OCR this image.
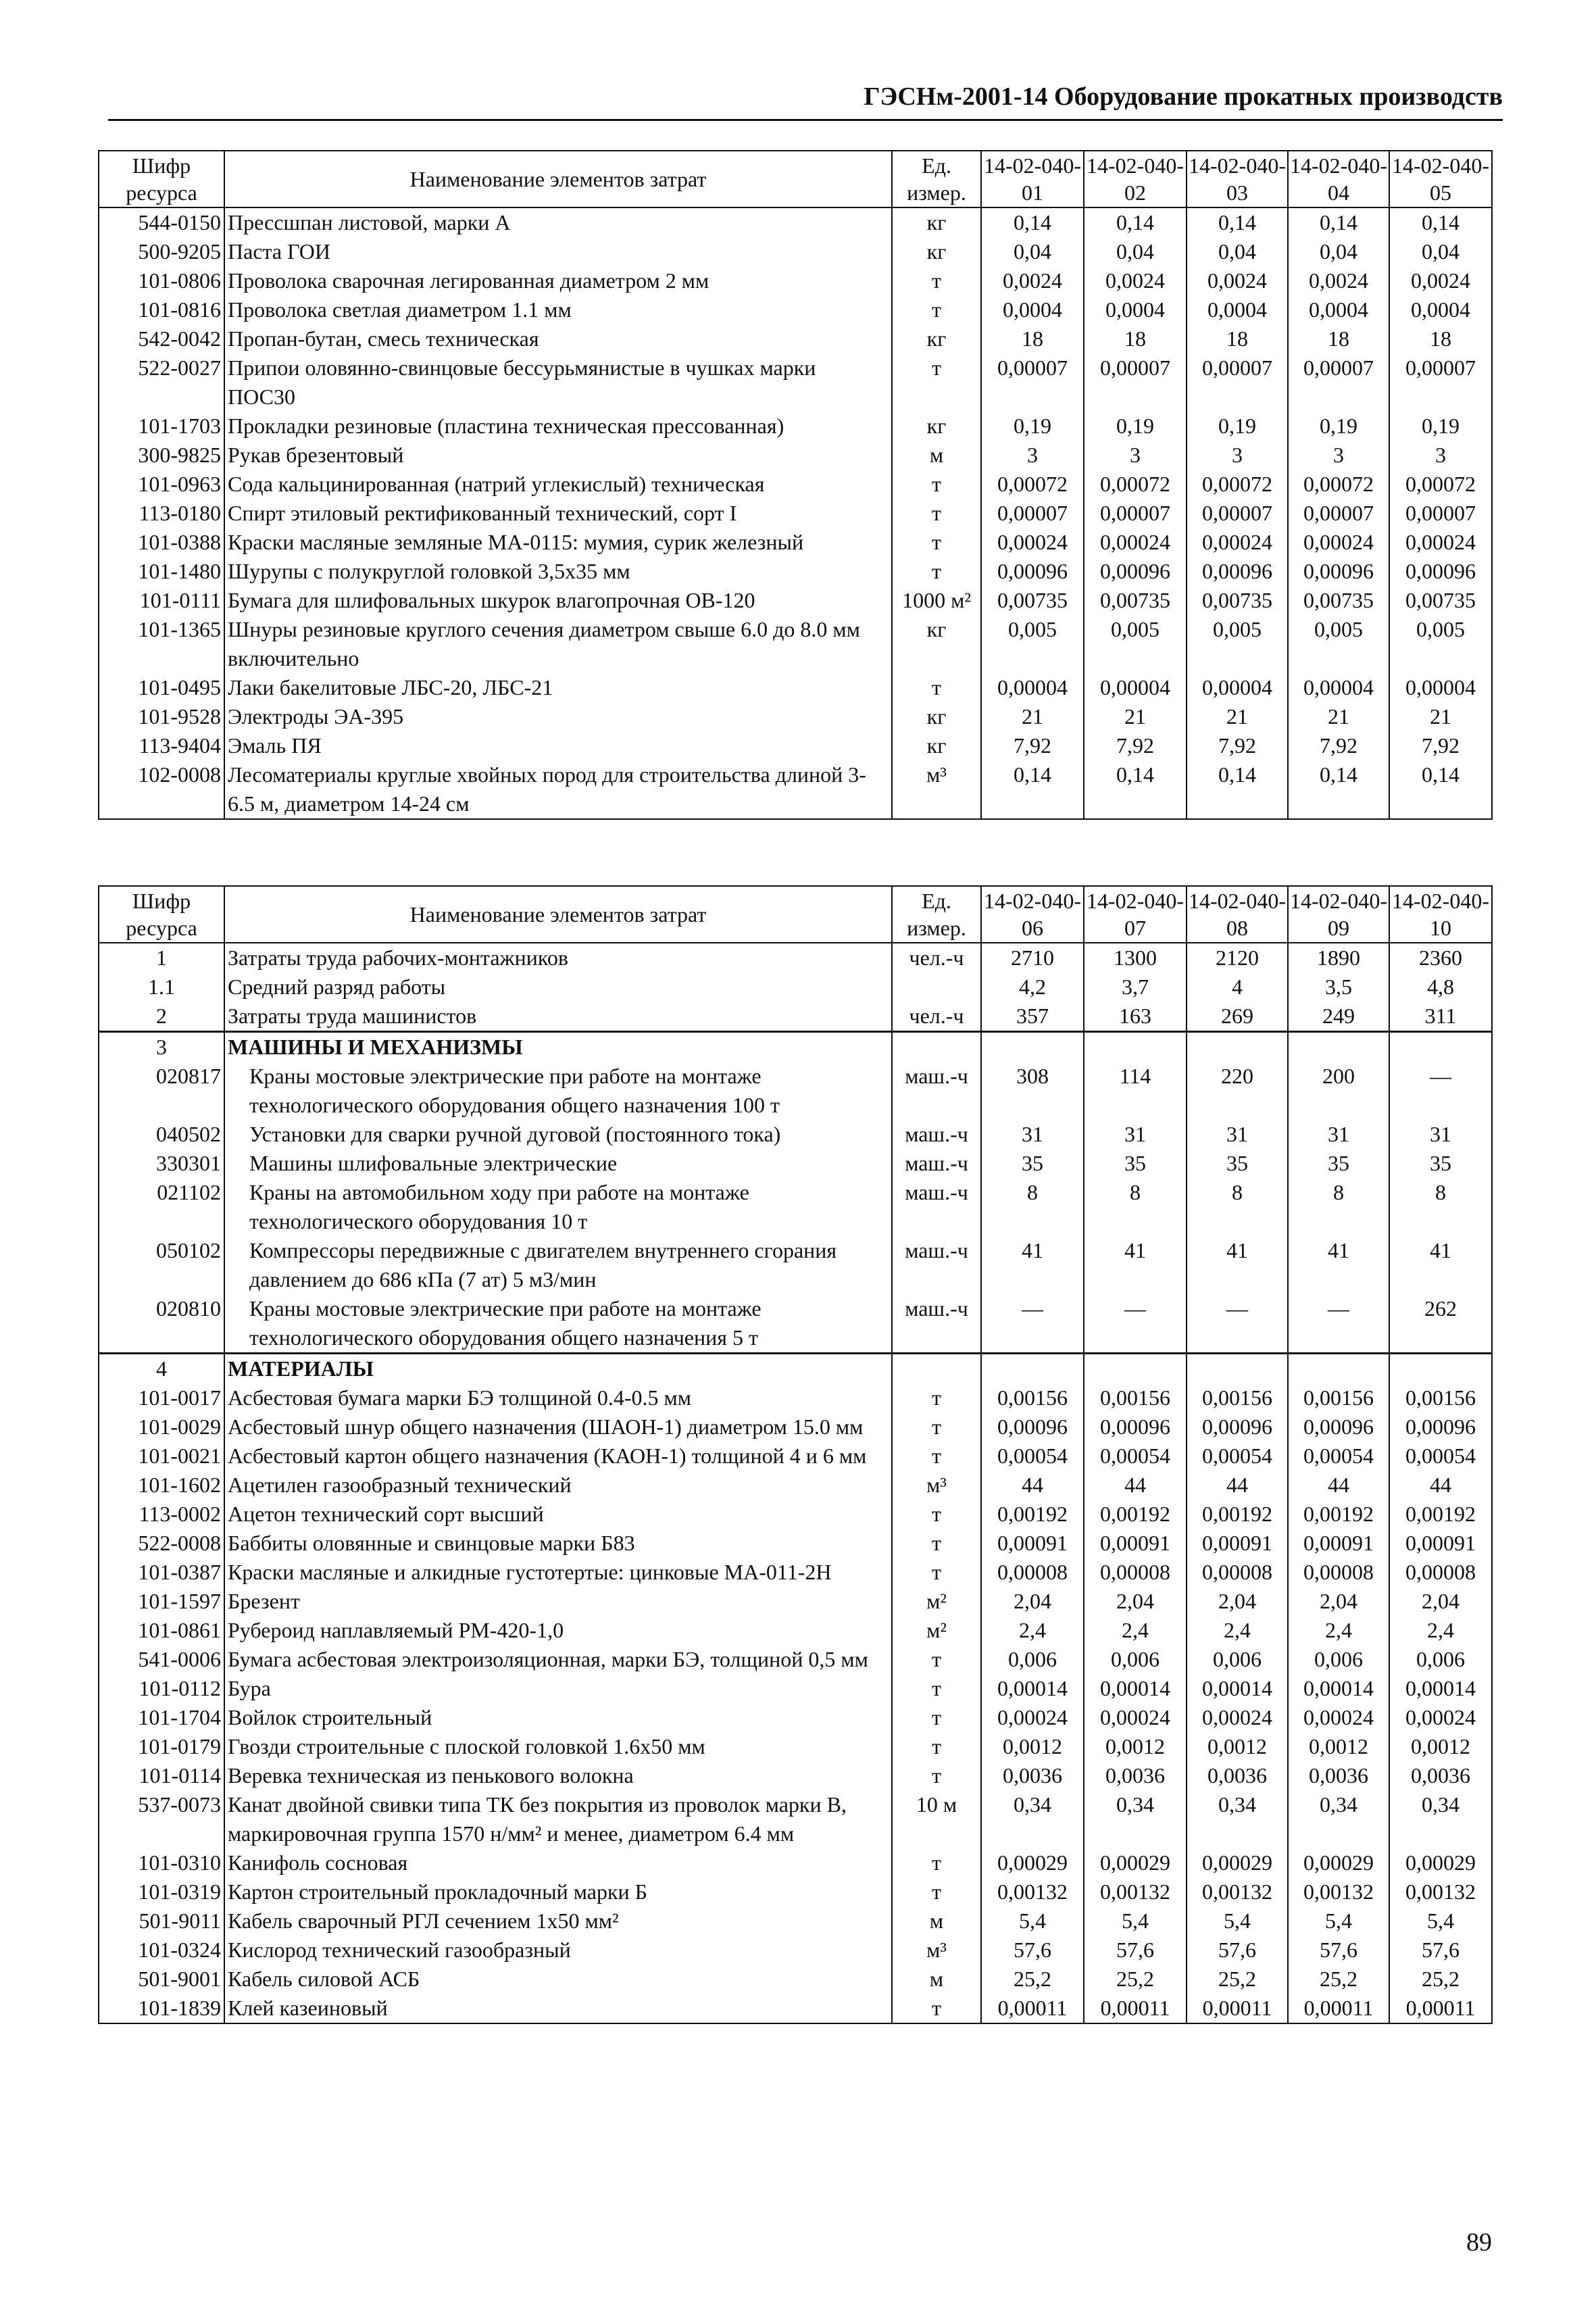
ГЭСНм-2001-14 Оборудование прокатных производств
Шифр ресурса	Наименование элементов затрат	Ед. измер.	14-02-040-01	14-02-040-02	14-02-040-03	14-02-040-04	14-02-040-05
544-0150	Прессшпан листовой, марки А	кг	0,14	0,14	0,14	0,14	0,14
500-9205	Паста ГОИ	кг	0,04	0,04	0,04	0,04	0,04
101-0806	Проволока сварочная легированная диаметром 2 мм	т	0,0024	0,0024	0,0024	0,0024	0,0024
101-0816	Проволока светлая диаметром 1.1 мм	т	0,0004	0,0004	0,0004	0,0004	0,0004
542-0042	Пропан-бутан, смесь техническая	кг	18	18	18	18	18
522-0027	Припои оловянно-свинцовые бессурьмянистые в чушках марки ПОС30	т	0,00007	0,00007	0,00007	0,00007	0,00007
101-1703	Прокладки резиновые (пластина техническая прессованная)	кг	0,19	0,19	0,19	0,19	0,19
300-9825	Рукав брезентовый	м	3	3	3	3	3
101-0963	Сода кальцинированная (натрий углекислый) техническая	т	0,00072	0,00072	0,00072	0,00072	0,00072
113-0180	Спирт этиловый ректификованный технический, сорт I	т	0,00007	0,00007	0,00007	0,00007	0,00007
101-0388	Краски масляные земляные МА-0115: мумия, сурик железный	т	0,00024	0,00024	0,00024	0,00024	0,00024
101-1480	Шурупы с полукруглой головкой 3,5х35 мм	т	0,00096	0,00096	0,00096	0,00096	0,00096
101-0111	Бумага для шлифовальных шкурок влагопрочная ОВ-120	1000 м²	0,00735	0,00735	0,00735	0,00735	0,00735
101-1365	Шнуры резиновые круглого сечения диаметром свыше 6.0 до 8.0 мм включительно	кг	0,005	0,005	0,005	0,005	0,005
101-0495	Лаки бакелитовые ЛБС-20, ЛБС-21	т	0,00004	0,00004	0,00004	0,00004	0,00004
101-9528	Электроды ЭА-395	кг	21	21	21	21	21
113-9404	Эмаль ПЯ	кг	7,92	7,92	7,92	7,92	7,92
102-0008	Лесоматериалы круглые хвойных пород для строительства длиной 3-6.5 м, диаметром 14-24 см	м³	0,14	0,14	0,14	0,14	0,14
Шифр ресурса	Наименование элементов затрат	Ед. измер.	14-02-040-06	14-02-040-07	14-02-040-08	14-02-040-09	14-02-040-10
1	Затраты труда рабочих-монтажников	чел.-ч	2710	1300	2120	1890	2360
1.1	Средний разряд работы		4,2	3,7	4	3,5	4,8
2	Затраты труда машинистов	чел.-ч	357	163	269	249	311
3	МАШИНЫ И МЕХАНИЗМЫ						
020817	Краны мостовые электрические при работе на монтаже технологического оборудования общего назначения 100 т	маш.-ч	308	114	220	200	—
040502	Установки для сварки ручной дуговой (постоянного тока)	маш.-ч	31	31	31	31	31
330301	Машины шлифовальные электрические	маш.-ч	35	35	35	35	35
021102	Краны на автомобильном ходу при работе на монтаже технологического оборудования 10 т	маш.-ч	8	8	8	8	8
050102	Компрессоры передвижные с двигателем внутреннего сгорания давлением до 686 кПа (7 ат) 5 м3/мин	маш.-ч	41	41	41	41	41
020810	Краны мостовые электрические при работе на монтаже технологического оборудования общего назначения 5 т	маш.-ч	—	—	—	—	262
4	МАТЕРИАЛЫ						
101-0017	Асбестовая бумага марки БЭ толщиной 0.4-0.5 мм	т	0,00156	0,00156	0,00156	0,00156	0,00156
101-0029	Асбестовый шнур общего назначения (ШАОН-1) диаметром 15.0 мм	т	0,00096	0,00096	0,00096	0,00096	0,00096
101-0021	Асбестовый картон общего назначения (КАОН-1) толщиной 4 и 6 мм	т	0,00054	0,00054	0,00054	0,00054	0,00054
101-1602	Ацетилен газообразный технический	м³	44	44	44	44	44
113-0002	Ацетон технический сорт высший	т	0,00192	0,00192	0,00192	0,00192	0,00192
522-0008	Баббиты оловянные и свинцовые марки Б83	т	0,00091	0,00091	0,00091	0,00091	0,00091
101-0387	Краски масляные и алкидные густотертые: цинковые МА-011-2Н	т	0,00008	0,00008	0,00008	0,00008	0,00008
101-1597	Брезент	м²	2,04	2,04	2,04	2,04	2,04
101-0861	Рубероид наплавляемый РМ-420-1,0	м²	2,4	2,4	2,4	2,4	2,4
541-0006	Бумага асбестовая электроизоляционная, марки БЭ, толщиной 0,5 мм	т	0,006	0,006	0,006	0,006	0,006
101-0112	Бура	т	0,00014	0,00014	0,00014	0,00014	0,00014
101-1704	Войлок строительный	т	0,00024	0,00024	0,00024	0,00024	0,00024
101-0179	Гвозди строительные с плоской головкой 1.6х50 мм	т	0,0012	0,0012	0,0012	0,0012	0,0012
101-0114	Веревка техническая из пенькового волокна	т	0,0036	0,0036	0,0036	0,0036	0,0036
537-0073	Канат двойной свивки типа ТК без покрытия из проволок марки В, маркировочная группа 1570 н/мм² и менее, диаметром 6.4 мм	10 м	0,34	0,34	0,34	0,34	0,34
101-0310	Канифоль сосновая	т	0,00029	0,00029	0,00029	0,00029	0,00029
101-0319	Картон строительный прокладочный марки Б	т	0,00132	0,00132	0,00132	0,00132	0,00132
501-9011	Кабель сварочный РГЛ сечением 1х50 мм²	м	5,4	5,4	5,4	5,4	5,4
101-0324	Кислород технический газообразный	м³	57,6	57,6	57,6	57,6	57,6
501-9001	Кабель силовой АСБ	м	25,2	25,2	25,2	25,2	25,2
101-1839	Клей казеиновый	т	0,00011	0,00011	0,00011	0,00011	0,00011
89
